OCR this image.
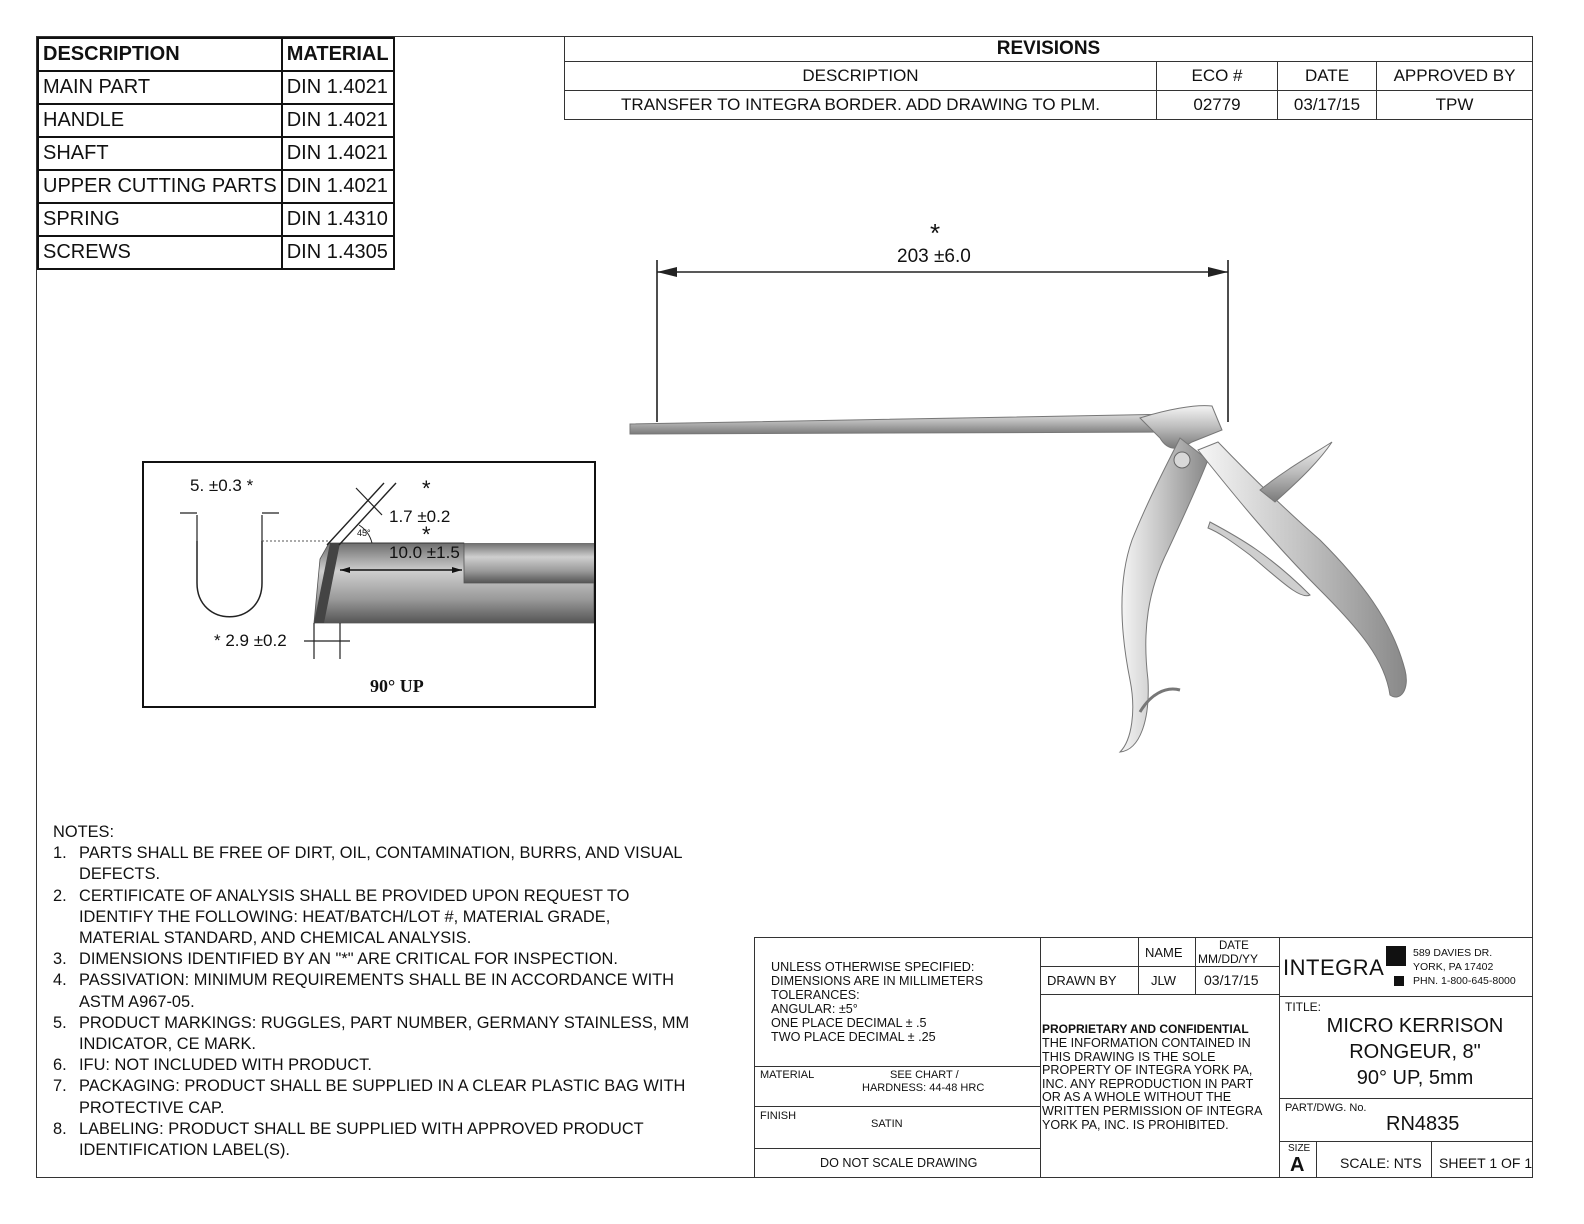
DESCRIPTION	MATERIAL
MAIN PART	DIN 1.4021
HANDLE	DIN 1.4021
SHAFT	DIN 1.4021
UPPER CUTTING PARTS	DIN 1.4021
SPRING	DIN 1.4310
SCREWS	DIN 1.4305
REVISIONS			
DESCRIPTION	ECO #	DATE	APPROVED BY
TRANSFER TO INTEGRA BORDER. ADD DRAWING TO PLM.	02779	03/17/15	TPW
*
203 ±6.0
5. ±0.3 *	*
1.7 ±0.2
*
45°
10.0 ±1.5
* 2.9 ±0.2
90° UP
NOTES:
1. PARTS SHALL BE FREE OF DIRT, OIL, CONTAMINATION, BURRS, AND VISUAL DEFECTS.
2. CERTIFICATE OF ANALYSIS SHALL BE PROVIDED UPON REQUEST TO IDENTIFY THE FOLLOWING: HEAT/BATCH/LOT #, MATERIAL GRADE, MATERIAL STANDARD, AND CHEMICAL ANALYSIS.
3. DIMENSIONS IDENTIFIED BY AN "*" ARE CRITICAL FOR INSPECTION.
4. PASSIVATION: MINIMUM REQUIREMENTS SHALL BE IN ACCORDANCE WITH ASTM A967-05.
5. PRODUCT MARKINGS: RUGGLES, PART NUMBER, GERMANY STAINLESS, MM INDICATOR, CE MARK.
6. IFU: NOT INCLUDED WITH PRODUCT.
7. PACKAGING: PRODUCT SHALL BE SUPPLIED IN A CLEAR PLASTIC BAG WITH PROTECTIVE CAP.
8. LABELING: PRODUCT SHALL BE SUPPLIED WITH APPROVED PRODUCT IDENTIFICATION LABEL(S).
UNLESS OTHERWISE SPECIFIED:
DIMENSIONS ARE IN MILLIMETERS
TOLERANCES:
ANGULAR: ±5°
ONE PLACE DECIMAL ± .5
TWO PLACE DECIMAL ± .25
MATERIAL	SEE CHART /
HARDNESS: 44-48 HRC
FINISH
SATIN
DO NOT SCALE DRAWING
NAME	DATE
MM/DD/YY
DRAWN BY	JLW 03/17/15
PROPRIETARY AND CONFIDENTIAL
THE INFORMATION CONTAINED IN
THIS DRAWING IS THE SOLE
PROPERTY OF INTEGRA YORK PA,
INC. ANY REPRODUCTION IN PART
OR AS A WHOLE WITHOUT THE
WRITTEN PERMISSION OF INTEGRA
YORK PA, INC. IS PROHIBITED.
INTEGRA
589 DAVIES DR.
YORK, PA 17402
PHN. 1-800-645-8000
TITLE:
MICRO KERRISON
RONGEUR, 8"
90° UP, 5mm
PART/DWG. No.
RN4835
SIZE
A	SCALE: NTS SHEET 1 OF 1
